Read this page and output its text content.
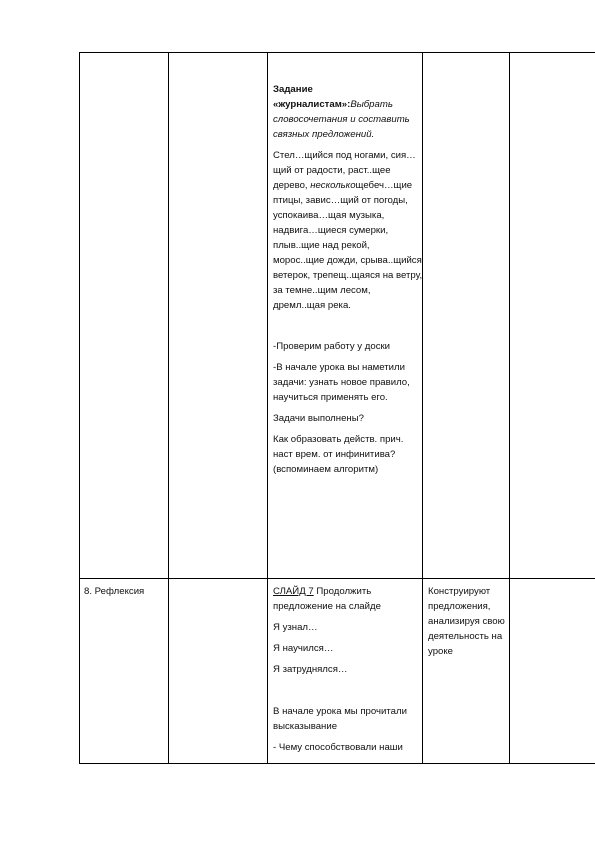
Задание

«журналистам»:Выбрать словосочетания и составить связных предложений.

Стел…щийся под ногами, сия…щий от радости, раст..щее дерево, несколькощебеч…щие птицы, завис…щий от погоды, успокаива…щая музыка, надвига…щиеся сумерки, плыв..щие над рекой, морос..щие дожди, срыва..щийся ветерок, трепещ..щаяся на ветру, за темне..щим лесом, дремл..щая река.

-Проверим работу у доски

-В начале урока вы наметили задачи: узнать новое правило, научиться применять его.

Задачи выполнены?

Как образовать действ. прич. наст врем. от инфинитива? (вспоминаем алгоритм)

8. Рефлексия	СЛАЙД 7 Продолжить предложение на слайде

Я узнал…

Я научился…

Я затруднялся…

В начале урока мы прочитали высказывание

- Чему способствовали наши

Конструируют предложения, анализируя свою деятельность на уроке
